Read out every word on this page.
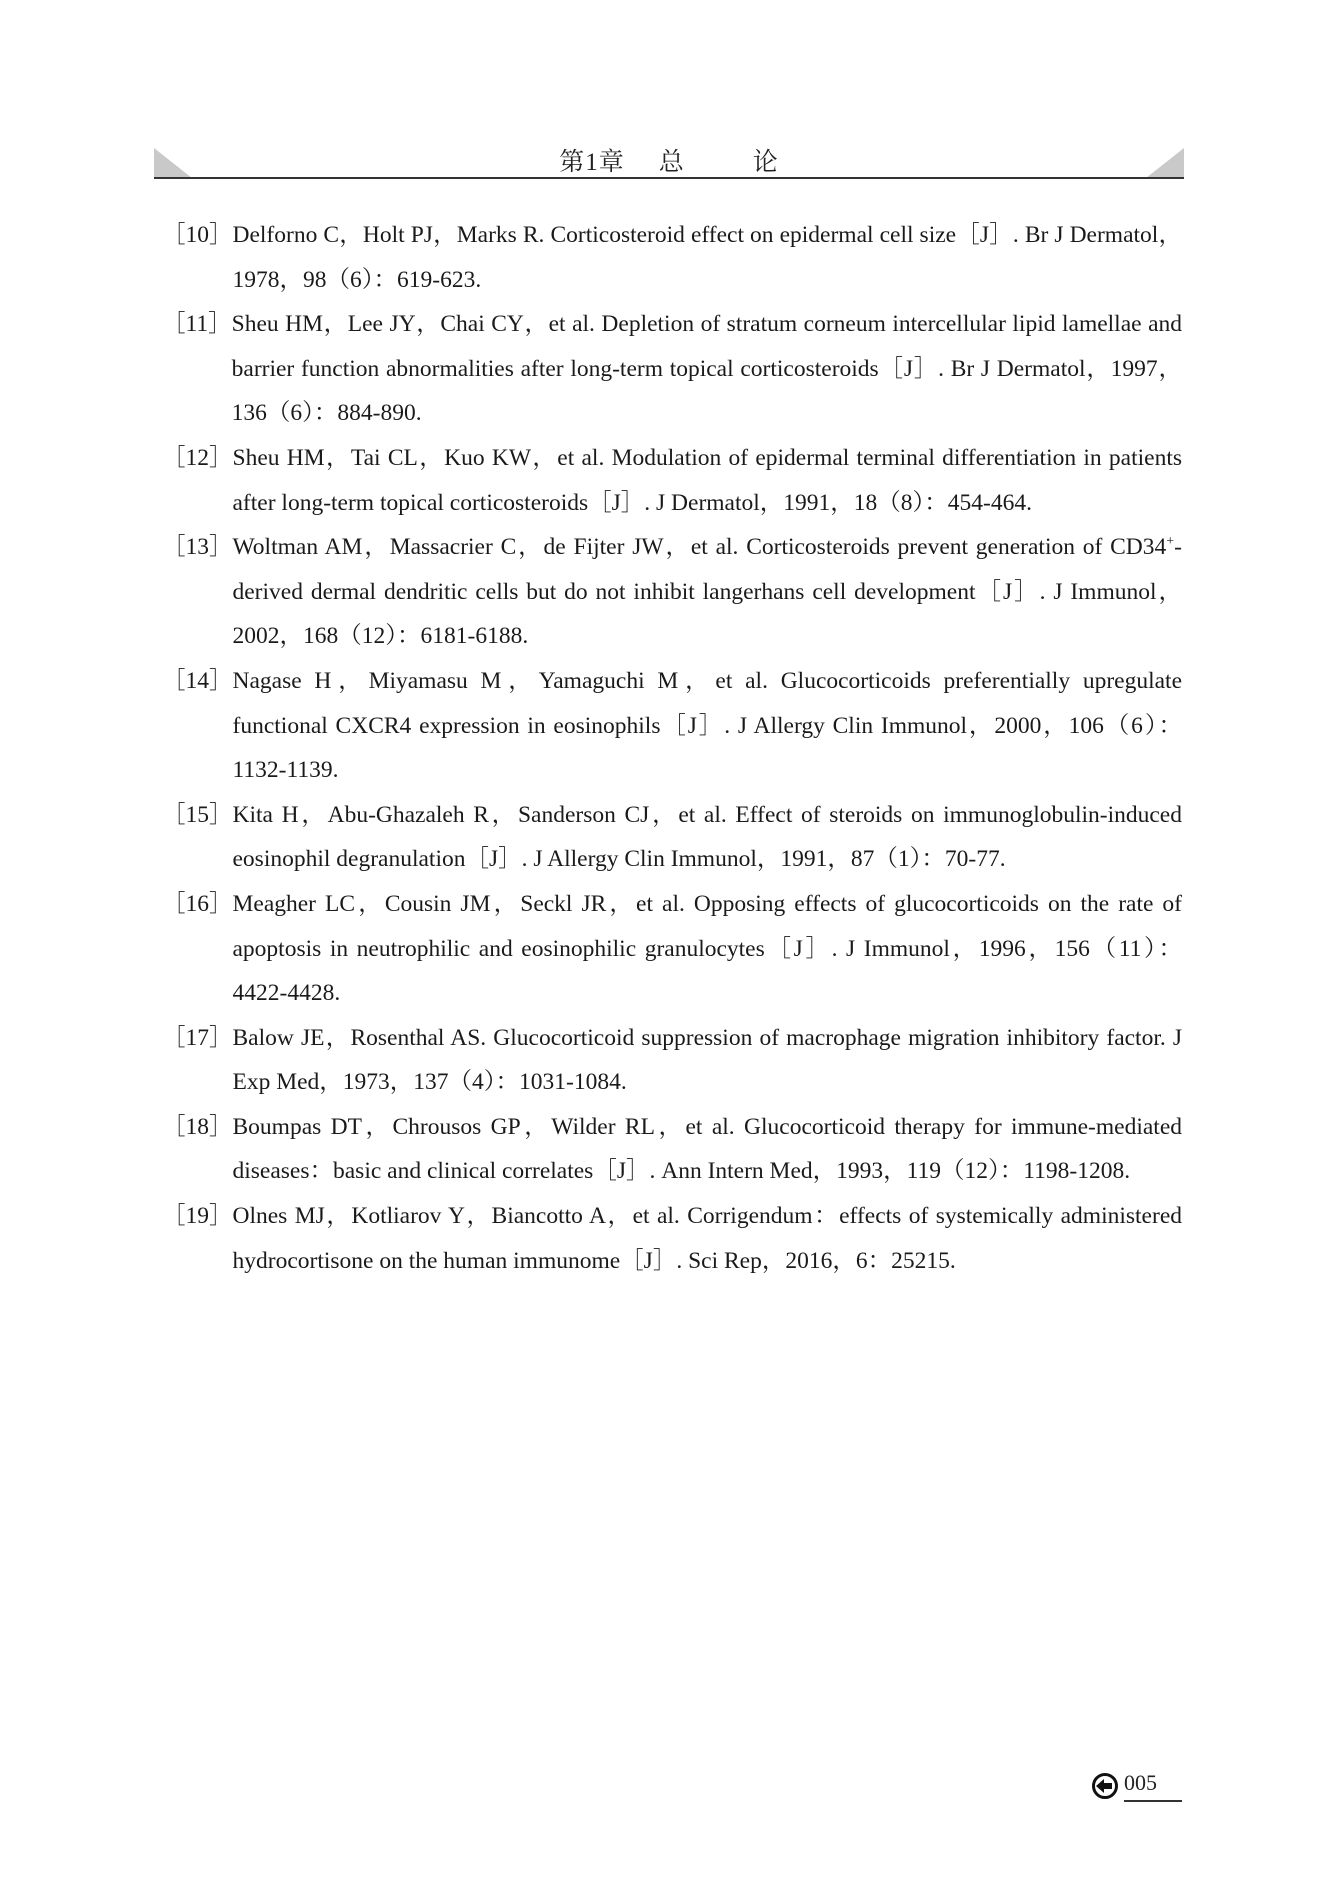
第1章 总	论
［10］ Delforno C，Holt PJ，Marks R. Corticosteroid effect on epidermal cell size［J］. Br J Dermatol，1978，98（6）：619-623.
［11］ Sheu HM，Lee JY，Chai CY，et al. Depletion of stratum corneum intercellular lipid lamellae and barrier function abnormalities after long-term topical corticosteroids［J］. Br J Dermatol，1997，136（6）：884-890.
［12］ Sheu HM，Tai CL，Kuo KW，et al. Modulation of epidermal terminal differentiation in patients after long-term topical corticosteroids［J］. J Dermatol，1991，18（8）：454-464.
［13］ Woltman AM，Massacrier C，de Fijter JW，et al. Corticosteroids prevent generation of CD34+-derived dermal dendritic cells but do not inhibit langerhans cell development［J］. J Immunol，2002，168（12）：6181-6188.
［14］ Nagase H，Miyamasu M，Yamaguchi M，et al. Glucocorticoids preferentially upregulate functional CXCR4 expression in eosinophils［J］. J Allergy Clin Immunol，2000，106（6）：1132-1139.
［15］ Kita H，Abu-Ghazaleh R，Sanderson CJ，et al. Effect of steroids on immunoglobulin-induced eosinophil degranulation［J］. J Allergy Clin Immunol，1991，87（1）：70-77.
［16］ Meagher LC，Cousin JM，Seckl JR，et al. Opposing effects of glucocorticoids on the rate of apoptosis in neutrophilic and eosinophilic granulocytes［J］. J Immunol，1996，156（11）：4422-4428.
［17］ Balow JE，Rosenthal AS. Glucocorticoid suppression of macrophage migration inhibitory factor. J Exp Med，1973，137（4）：1031-1084.
［18］ Boumpas DT，Chrousos GP，Wilder RL，et al. Glucocorticoid therapy for immune-mediated diseases：basic and clinical correlates［J］. Ann Intern Med，1993，119（12）：1198-1208.
［19］ Olnes MJ，Kotliarov Y，Biancotto A，et al. Corrigendum：effects of systemically administered hydrocortisone on the human immunome［J］. Sci Rep，2016，6：25215.
005
